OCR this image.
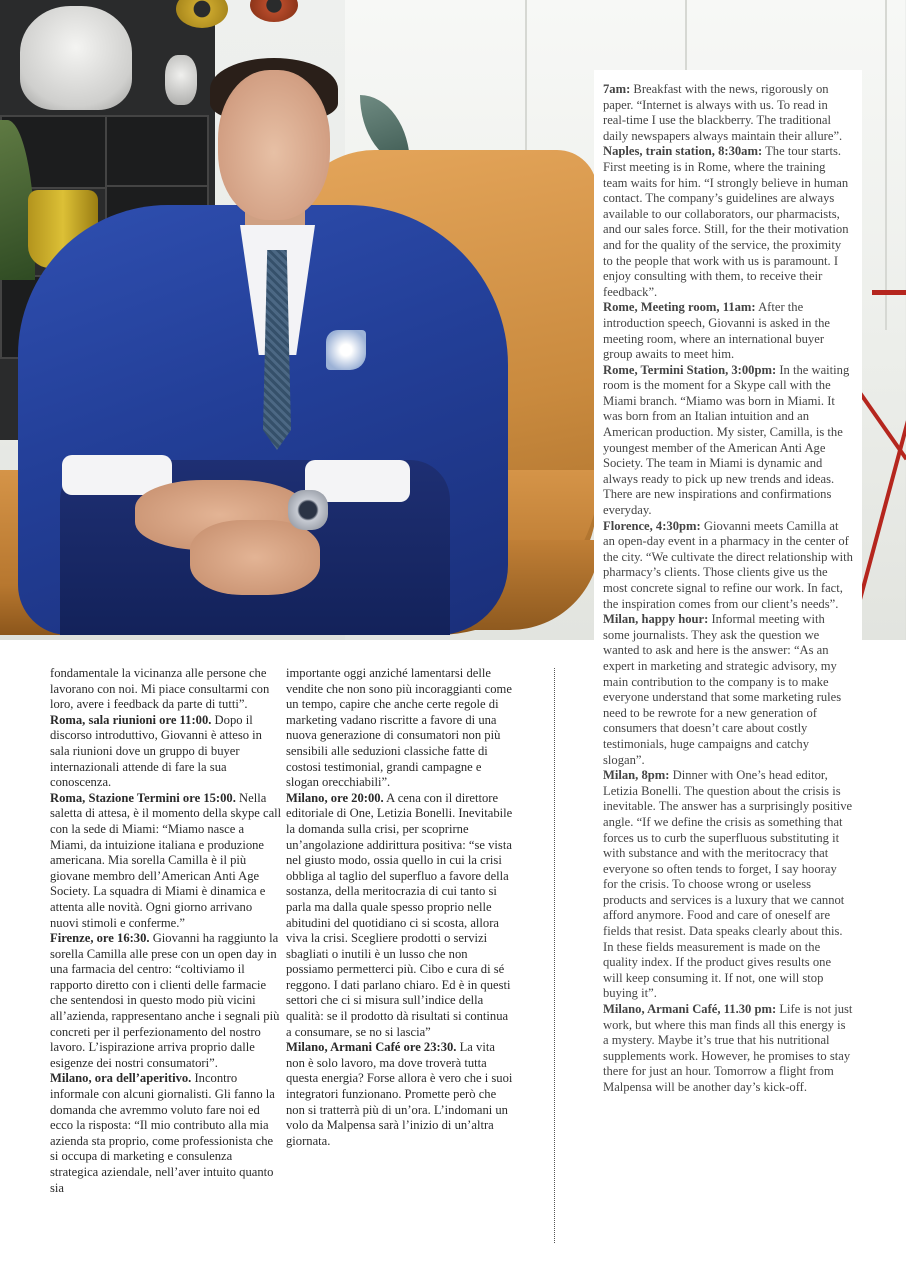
7am: Breakfast with the news, rigorously on paper. “Internet is always with us. To read in real-time I use the blackberry. The traditional daily newspapers always maintain their allure”.

Naples, train station, 8:30am: The tour starts. First meeting is in Rome, where the training team waits for him. “I strongly believe in human contact. The company’s guidelines are always available to our collaborators, our pharmacists, and our sales force. Still, for the their motivation and for the quality of the service, the proximity to the people that work with us is paramount. I enjoy consulting with them, to receive their feedback”.

Rome, Meeting room, 11am: After the introduction speech, Giovanni is asked in the meeting room, where an international buyer group awaits to meet him.

Rome, Termini Station, 3:00pm: In the waiting room is the moment for a Skype call with the Miami branch. “Miamo was born in Miami. It was born from an Italian intuition and an American production. My sister, Camilla, is the youngest member of the American Anti Age Society. The team in Miami is dynamic and always ready to pick up new trends and ideas. There are new inspirations and confirmations everyday.

Florence, 4:30pm: Giovanni meets Camilla at an open-day event in a pharmacy in the center of the city. “We cultivate the direct relationship with pharmacy’s clients. Those clients give us the most concrete signal to refine our work. In fact, the inspiration comes from our client’s needs”.

Milan, happy hour: Informal meeting with some journalists. They ask the question we wanted to ask and here is the answer: “As an expert in marketing and strategic advisory, my main contribution to the company is to make everyone understand that some marketing rules need to be rewrote for a new generation of consumers that doesn’t care about costly testimonials, huge campaigns and catchy slogan”.

Milan, 8pm: Dinner with One’s head editor, Letizia Bonelli. The question about the crisis is inevitable. The answer has a surprisingly positive angle. “If we define the crisis as something that forces us to curb the superfluous substituting it with substance and with the meritocracy that everyone so often tends to forget, I say hooray for the crisis. To choose wrong or useless products and services is a luxury that we cannot afford anymore. Food and care of oneself are fields that resist. Data speaks clearly about this. In these fields measurement is made on the quality index. If the product gives results one will keep consuming it. If not, one will stop buying it”.

Milano, Armani Café, 11.30 pm: Life is not just work, but where this man finds all this energy is a mystery. Maybe it’s true that his nutritional supplements work. However, he promises to stay there for just an hour. Tomorrow a flight from Malpensa will be another day’s kick-off.

fondamentale la vicinanza alle persone che lavorano con noi. Mi piace consultarmi con loro, avere i feedback da parte di tutti”.

Roma, sala riunioni ore 11:00. Dopo il discorso introduttivo, Giovanni è atteso in sala riunioni dove un gruppo di buyer internazionali attende di fare la sua conoscenza.

Roma, Stazione Termini ore 15:00. Nella saletta di attesa, è il momento della skype call con la sede di Miami: “Miamo nasce a Miami, da intuizione italiana e produzione americana. Mia sorella Camilla è il più giovane membro dell’American Anti Age Society. La squadra di Miami è dinamica e attenta alle novità. Ogni giorno arrivano nuovi stimoli e conferme.”

Firenze, ore 16:30. Giovanni ha raggiunto la sorella Camilla alle prese con un open day in una farmacia del centro: “coltiviamo il rapporto diretto con i clienti delle farmacie che sentendosi in questo modo più vicini all’azienda, rappresentano anche i segnali più concreti per il perfezionamento del nostro lavoro. L’ispirazione arriva proprio dalle esigenze dei nostri consumatori”.

Milano, ora dell’aperitivo. Incontro informale con alcuni giornalisti. Gli fanno la domanda che avremmo voluto fare noi ed ecco la risposta: “Il mio contributo alla mia azienda sta proprio, come professionista che si occupa di marketing e consulenza strategica aziendale, nell’aver intuito quanto sia

importante oggi anziché lamentarsi delle vendite che non sono più incoraggianti come un tempo, capire che anche certe regole di marketing vadano riscritte a favore di una nuova generazione di consumatori non più sensibili alle seduzioni classiche fatte di costosi testimonial, grandi campagne e slogan orecchiabili”.

Milano, ore 20:00. A cena con il direttore editoriale di One, Letizia Bonelli. Inevitabile la domanda sulla crisi, per scoprirne un’angolazione addirittura positiva: “se vista nel giusto modo, ossia quello in cui la crisi obbliga al taglio del superfluo a favore della sostanza, della meritocrazia di cui tanto si parla ma dalla quale spesso proprio nelle abitudini del quotidiano ci si scosta, allora viva la crisi. Scegliere prodotti o servizi sbagliati o inutili è un lusso che non possiamo permetterci più. Cibo e cura di sé reggono. I dati parlano chiaro. Ed è in questi settori che ci si misura sull’indice della qualità: se il prodotto dà risultati si continua a consumare, se no si lascia”

Milano, Armani Café ore 23:30. La vita non è solo lavoro, ma dove troverà tutta questa energia? Forse allora è vero che i suoi integratori funzionano. Promette però che non si tratterrà più di un’ora. L’indomani un volo da Malpensa sarà l’inizio di un’altra giornata.
